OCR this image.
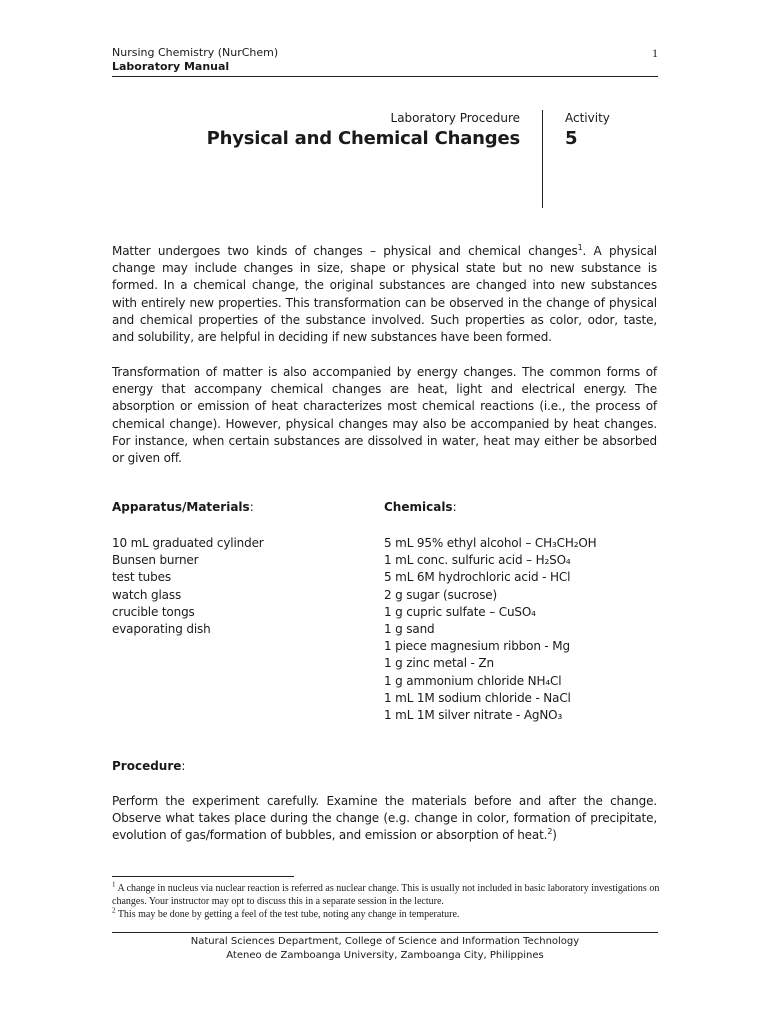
Nursing Chemistry (NurChem)
Laboratory Manual
1
Laboratory Procedure
Physical and Chemical Changes
Activity
5

Matter undergoes two kinds of changes – physical and chemical changes$^1$. A physical change may include changes in size, shape or physical state but no new substance is formed. In a chemical change, the original substances are changed into new substances with entirely new properties. This transformation can be observed in the change of physical and chemical properties of the substance involved. Such properties as color, odor, taste, and solubility, are helpful in deciding if new substances have been formed.

Transformation of matter is also accompanied by energy changes. The common forms of energy that accompany chemical changes are heat, light and electrical energy. The absorption or emission of heat characterizes most chemical reactions (i.e., the process of chemical change). However, physical changes may also be accompanied by heat changes. For instance, when certain substances are dissolved in water, heat may either be absorbed or given off.

Apparatus/Materials:	Chemicals:
10 mL graduated cylinder
Bunsen burner
test tubes
watch glass
crucible tongs
evaporating dish
5 mL 95% ethyl alcohol – CH₃CH₂OH
1 mL conc. sulfuric acid – H₂SO₄
5 mL 6M hydrochloric acid - HCl
2 g sugar (sucrose)
1 g cupric sulfate – CuSO₄
1 g sand
1 piece magnesium ribbon - Mg
1 g zinc metal - Zn
1 g ammonium chloride NH₄Cl
1 mL 1M sodium chloride - NaCl
1 mL 1M silver nitrate - AgNO₃
Procedure:

Perform the experiment carefully. Examine the materials before and after the change. Observe what takes place during the change (e.g. change in color, formation of precipitate, evolution of gas/formation of bubbles, and emission or absorption of heat.$^2$)

$^1$ A change in nucleus via nuclear reaction is referred as nuclear change. This is usually not included in basic laboratory investigations on changes. Your instructor may opt to discuss this in a separate session in the lecture.

$^2$ This may be done by getting a feel of the test tube, noting any change in temperature.

Natural Sciences Department, College of Science and Information Technology
Ateneo de Zamboanga University, Zamboanga City, Philippines
